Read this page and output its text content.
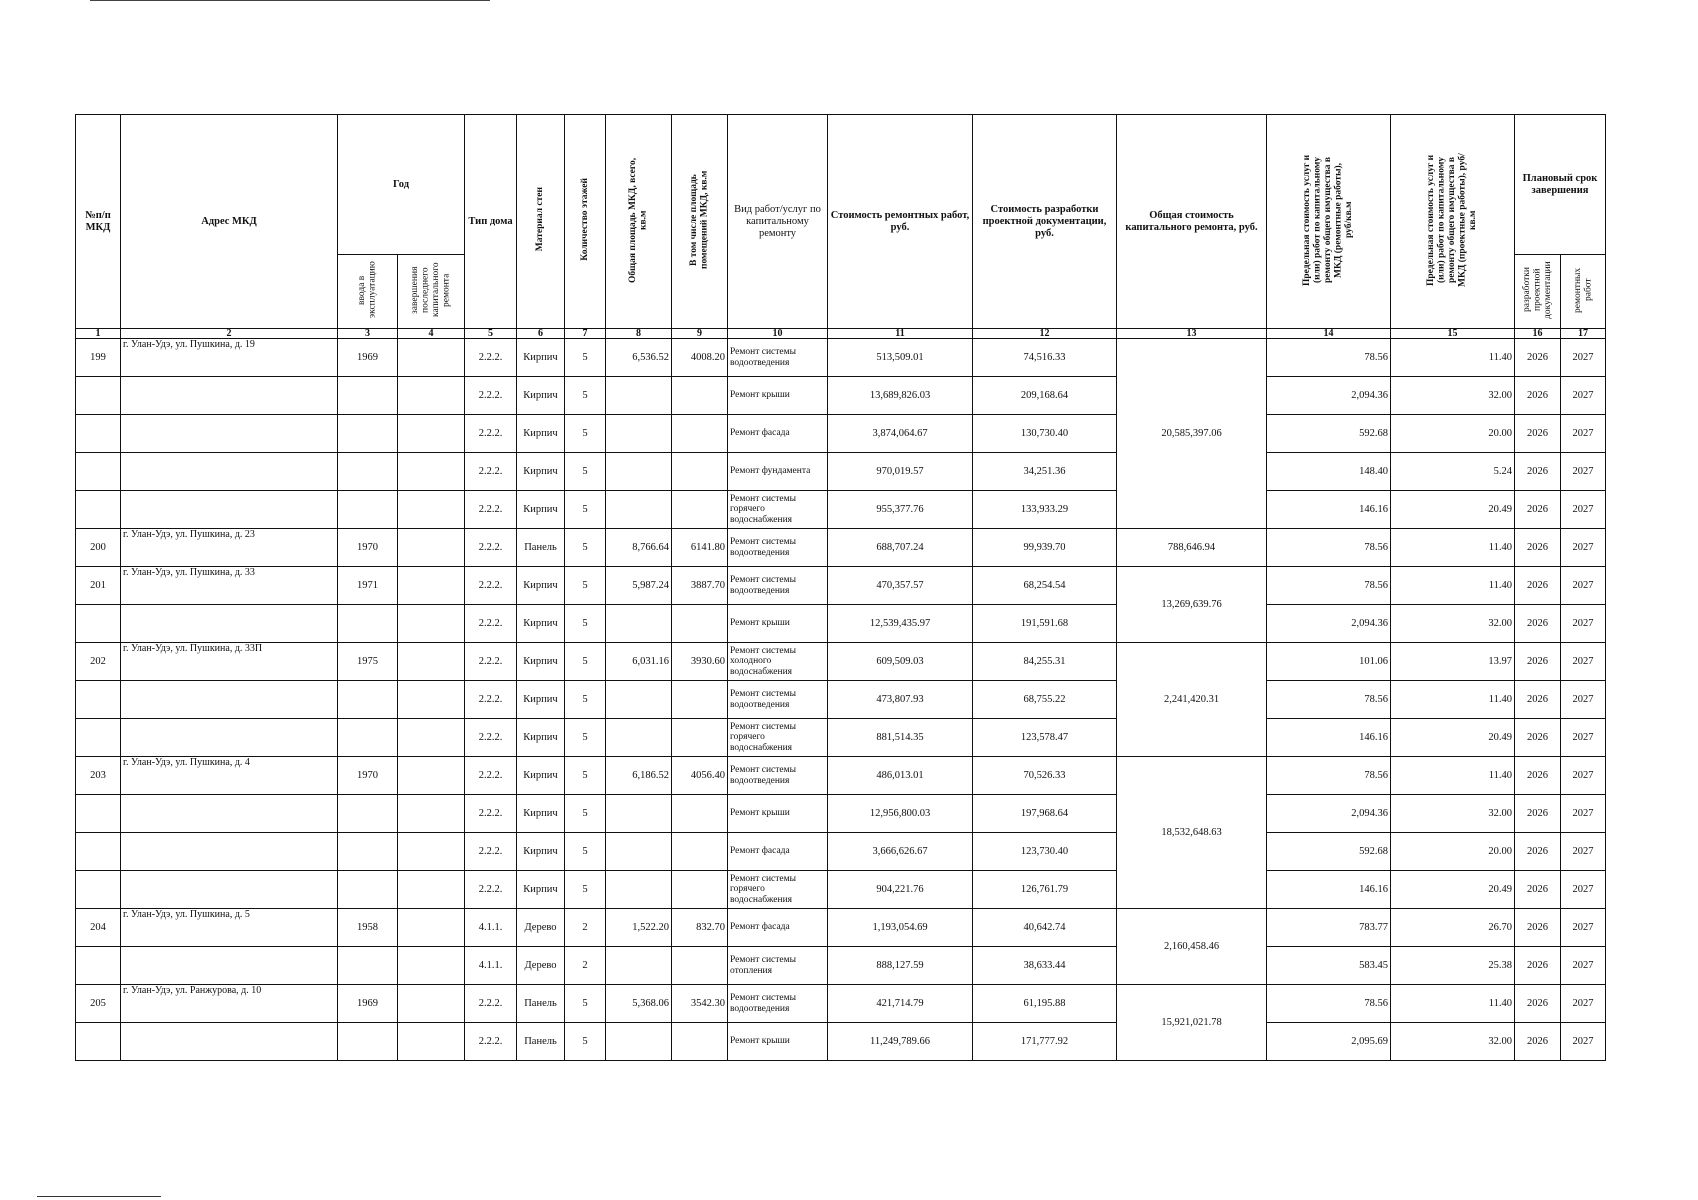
№п/п МКД	Адрес МКД	Год		Тип дома	Материал стен	Количество этажей	Общая площадь МКД, всего, кв.м	В том числе площадь помещений МКД, кв.м	Вид работ/услуг по капитальному ремонту	Стоимость ремонтных работ, руб.	Стоимость разработки проектной документации, руб.	Общая стоимость капитального ремонта, руб.	Предельная стоимость услуг и (или) работ по капитальному ремонту общего имущества в МКД (ремонтные работы), руб/кв.м	Предельная стоимость услуг и (или) работ по капитальному ремонту общего имущества в МКД (проектные работы), руб/кв.м	Плановый срок завершения	
		ввода в эксплуатацию	завершения последнего капитального ремонта												разработки проектной документации	ремонтных работ
1	2	3	4	5	6	7	8	9	10	11	12	13	14	15	16	17
199	г. Улан-Удэ, ул. Пушкина, д. 19	1969		2.2.2.	Кирпич	5	6,536.52	4008.20	Ремонт системы водоотведения	513,509.01	74,516.33	20,585,397.06	78.56	11.40	2026	2027
				2.2.2.	Кирпич	5			Ремонт крыши	13,689,826.03	209,168.64		2,094.36	32.00	2026	2027
				2.2.2.	Кирпич	5			Ремонт фасада	3,874,064.67	130,730.40		592.68	20.00	2026	2027
				2.2.2.	Кирпич	5			Ремонт фундамента	970,019.57	34,251.36		148.40	5.24	2026	2027
				2.2.2.	Кирпич	5			Ремонт системы горячего водоснабжения	955,377.76	133,933.29		146.16	20.49	2026	2027
200	г. Улан-Удэ, ул. Пушкина, д. 23	1970		2.2.2.	Панель	5	8,766.64	6141.80	Ремонт системы водоотведения	688,707.24	99,939.70	788,646.94	78.56	11.40	2026	2027
201	г. Улан-Удэ, ул. Пушкина, д. 33	1971		2.2.2.	Кирпич	5	5,987.24	3887.70	Ремонт системы водоотведения	470,357.57	68,254.54	13,269,639.76	78.56	11.40	2026	2027
				2.2.2.	Кирпич	5			Ремонт крыши	12,539,435.97	191,591.68		2,094.36	32.00	2026	2027
202	г. Улан-Удэ, ул. Пушкина, д. 33П	1975		2.2.2.	Кирпич	5	6,031.16	3930.60	Ремонт системы холодного водоснабжения	609,509.03	84,255.31	2,241,420.31	101.06	13.97	2026	2027
				2.2.2.	Кирпич	5			Ремонт системы водоотведения	473,807.93	68,755.22		78.56	11.40	2026	2027
				2.2.2.	Кирпич	5			Ремонт системы горячего водоснабжения	881,514.35	123,578.47		146.16	20.49	2026	2027
203	г. Улан-Удэ, ул. Пушкина, д. 4	1970		2.2.2.	Кирпич	5	6,186.52	4056.40	Ремонт системы водоотведения	486,013.01	70,526.33	18,532,648.63	78.56	11.40	2026	2027
				2.2.2.	Кирпич	5			Ремонт крыши	12,956,800.03	197,968.64		2,094.36	32.00	2026	2027
				2.2.2.	Кирпич	5			Ремонт фасада	3,666,626.67	123,730.40		592.68	20.00	2026	2027
				2.2.2.	Кирпич	5			Ремонт системы горячего водоснабжения	904,221.76	126,761.79		146.16	20.49	2026	2027
204	г. Улан-Удэ, ул. Пушкина, д. 5	1958		4.1.1.	Дерево	2	1,522.20	832.70	Ремонт фасада	1,193,054.69	40,642.74	2,160,458.46	783.77	26.70	2026	2027
				4.1.1.	Дерево	2			Ремонт системы отопления	888,127.59	38,633.44		583.45	25.38	2026	2027
205	г. Улан-Удэ, ул. Ранжурова, д. 10	1969		2.2.2.	Панель	5	5,368.06	3542.30	Ремонт системы водоотведения	421,714.79	61,195.88	15,921,021.78	78.56	11.40	2026	2027
				2.2.2.	Панель	5			Ремонт крыши	11,249,789.66	171,777.92		2,095.69	32.00	2026	2027
